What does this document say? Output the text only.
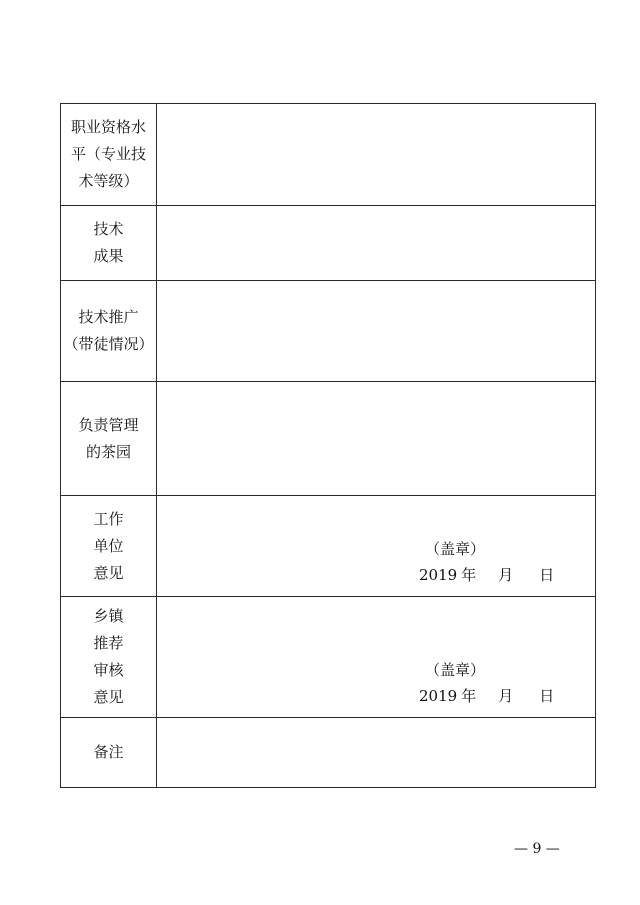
职业资格水
平（专业技
术等级）	

技术
成果	

技术推广
（带徒情况）	

负责管理
的茶园	

工作
单位
意见	（盖章）
2019 年 月 日

乡镇
推荐
审核
意见	（盖章）
2019 年 月 日

备注	

— 9 —
